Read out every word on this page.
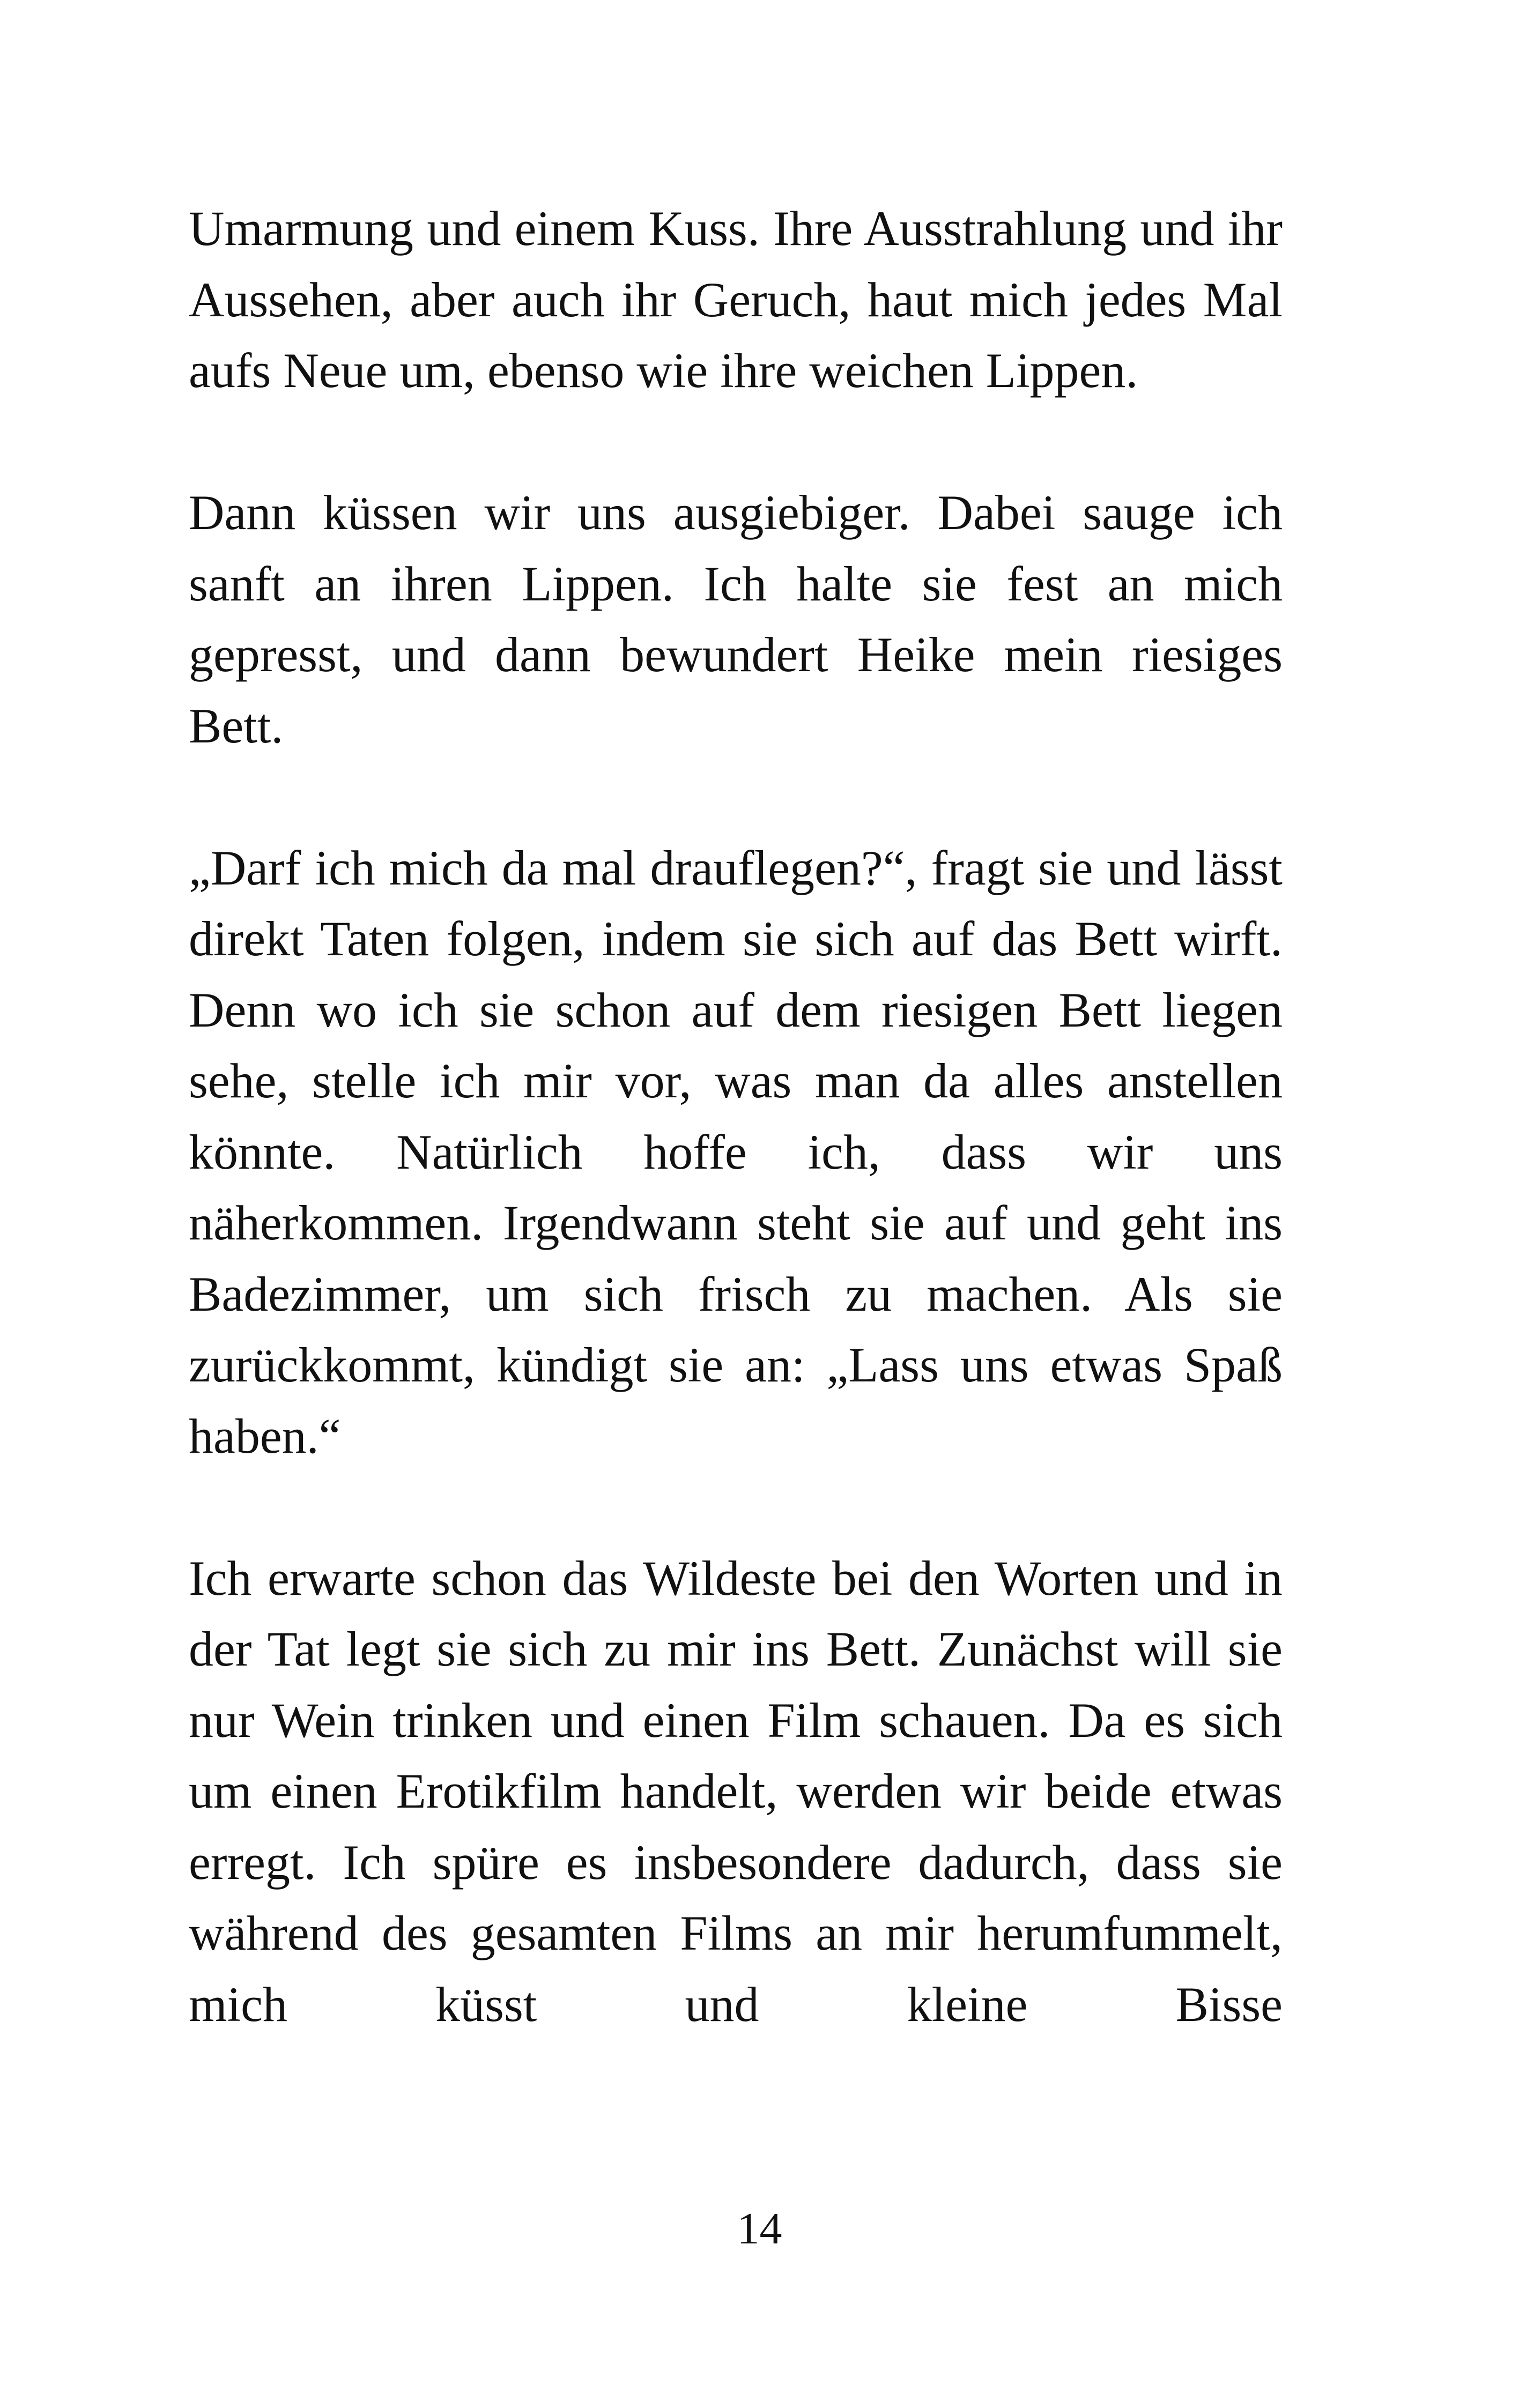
Umarmung und einem Kuss. Ihre Ausstrahlung und ihr Aussehen, aber auch ihr Geruch, haut mich jedes Mal aufs Neue um, ebenso wie ihre weichen Lippen.

Dann küssen wir uns ausgiebiger. Dabei sauge ich sanft an ihren Lippen. Ich halte sie fest an mich gepresst, und dann bewundert Heike mein riesiges Bett.

„Darf ich mich da mal drauflegen?“, fragt sie und lässt direkt Taten folgen, indem sie sich auf das Bett wirft. Denn wo ich sie schon auf dem riesigen Bett liegen sehe, stelle ich mir vor, was man da alles anstellen könnte. Natürlich hoffe ich, dass wir uns näherkommen. Irgendwann steht sie auf und geht ins Badezimmer, um sich frisch zu machen. Als sie zurückkommt, kündigt sie an: „Lass uns etwas Spaß haben.“

Ich erwarte schon das Wildeste bei den Worten und in der Tat legt sie sich zu mir ins Bett. Zunächst will sie nur Wein trinken und einen Film schauen. Da es sich um einen Erotikfilm handelt, werden wir beide etwas erregt. Ich spüre es insbesondere dadurch, dass sie während des gesamten Films an mir herumfummelt, mich küsst und kleine Bisse

14
